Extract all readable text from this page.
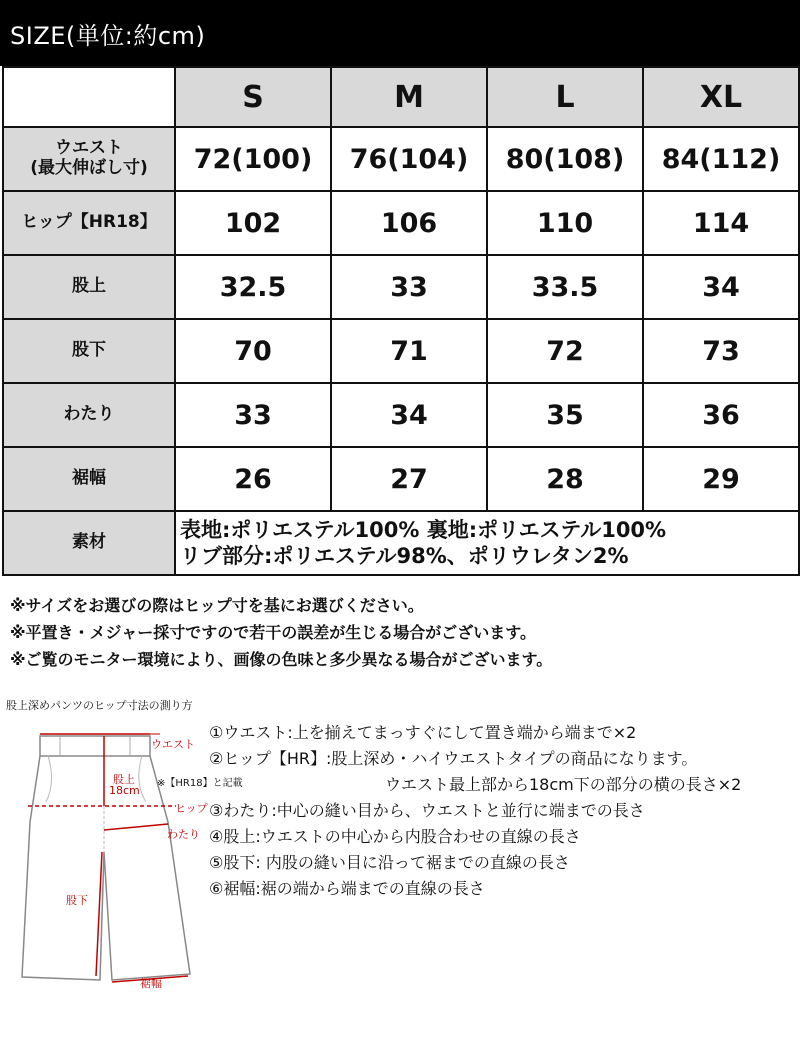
SIZE(単位:約cm)
	S	M	L	XL

ウエスト
(最大伸ばし寸)	72(100)	76(104)	80(108)	84(112)
ヒップ【HR18】	102	106	110	114
股上	32.5	33	33.5	34
股下	70	71	72	73
わたり	33	34	35	36
裾幅	26	27	28	29
素材	表地:ポリエステル100% 裏地:ポリエステル100%
リブ部分:ポリエステル98%、ポリウレタン2%			
※サイズをお選びの際はヒップ寸を基にお選びください。
※平置き・メジャー採寸ですので若干の誤差が生じる場合がございます。
※ご覧のモニター環境により、画像の色味と多少異なる場合がございます。
股上深めパンツのヒップ寸法の測り方
ウエスト
股上
18cm
※【HR18】と記載
ヒップ
わたり
股下
裾幅
①ウエスト:上を揃えてまっすぐにして置き端から端まで×2
②ヒップ【HR】:股上深め・ハイウエストタイプの商品になります。
ウエスト最上部から18cm下の部分の横の長さ×2
③わたり:中心の縫い目から、ウエストと並行に端までの長さ
④股上:ウエストの中心から内股合わせの直線の長さ
⑤股下: 内股の縫い目に沿って裾までの直線の長さ
⑥裾幅:裾の端から端までの直線の長さ
